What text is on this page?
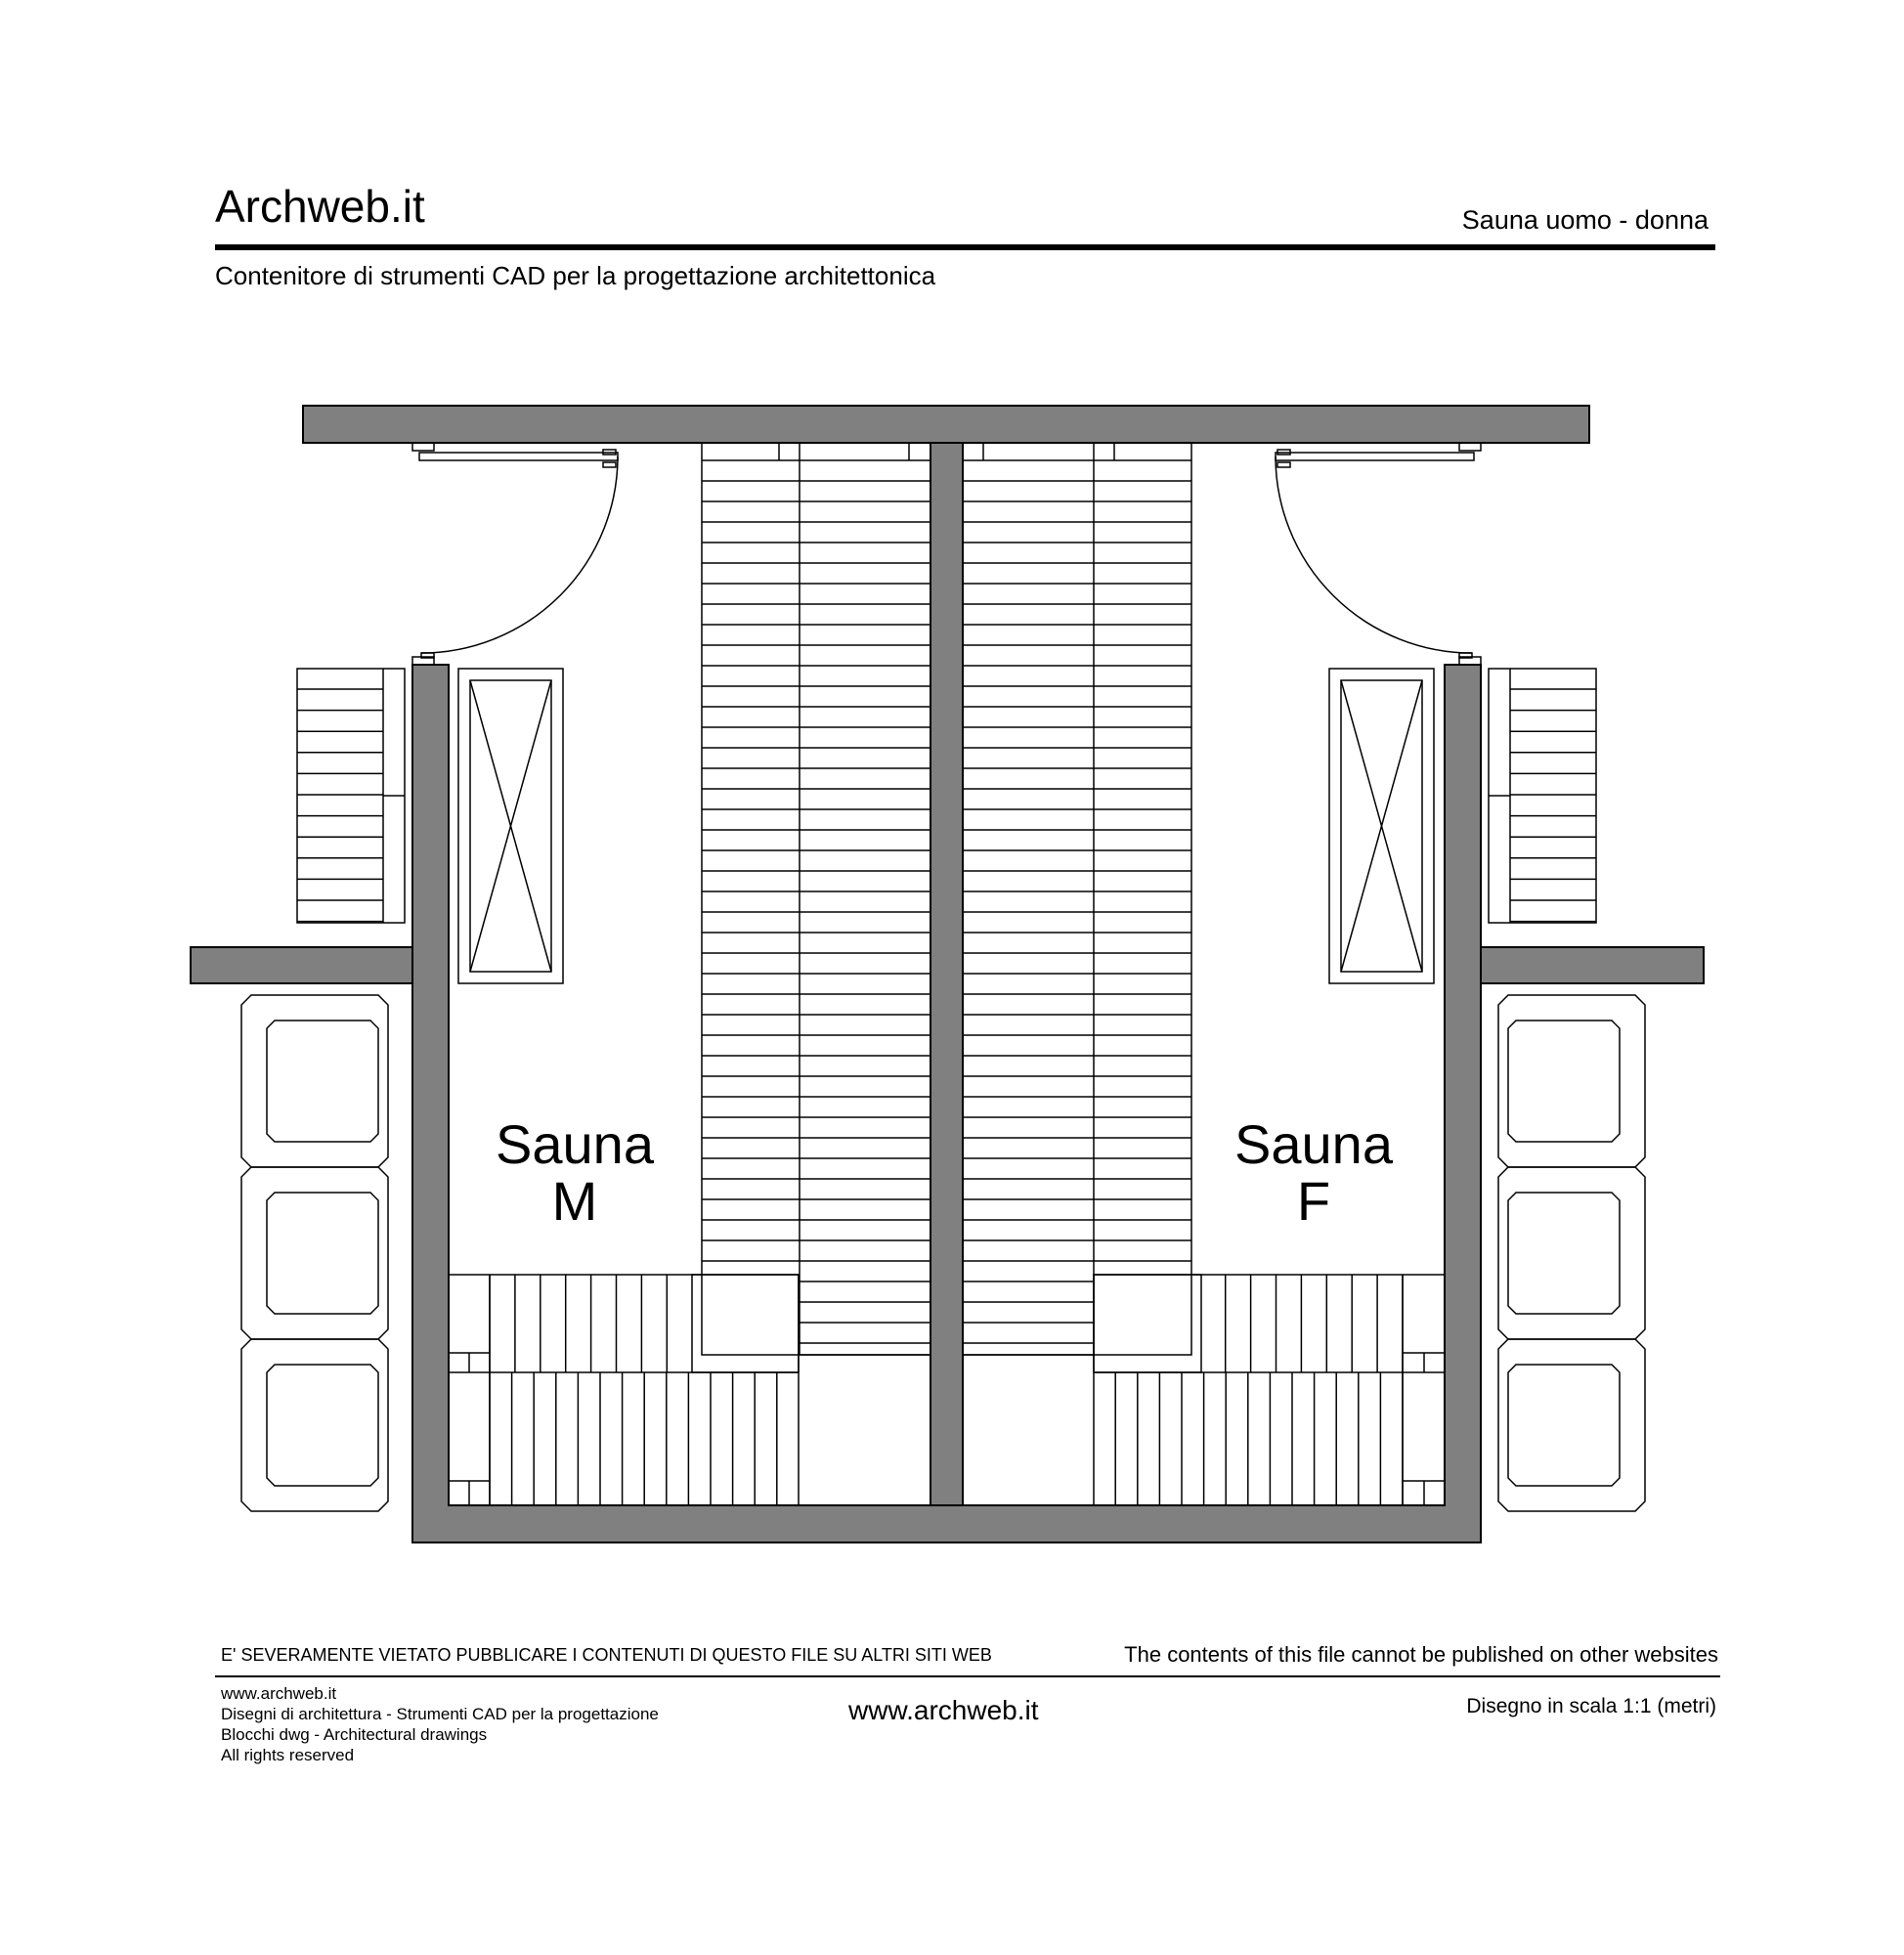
Archweb.it	Sauna uomo - donna
Contenitore di strumenti CAD per la progettazione architettonica
Sauna
M
Sauna
F
E' SEVERAMENTE VIETATO PUBBLICARE I CONTENUTI DI QUESTO FILE SU ALTRI SITI WEB	The contents of this file cannot be published on other websites
www.archweb.it
Disegni di architettura - Strumenti CAD per la progettazione
Blocchi dwg - Architectural drawings
All rights reserved
www.archweb.it	Disegno in scala 1:1 (metri)
